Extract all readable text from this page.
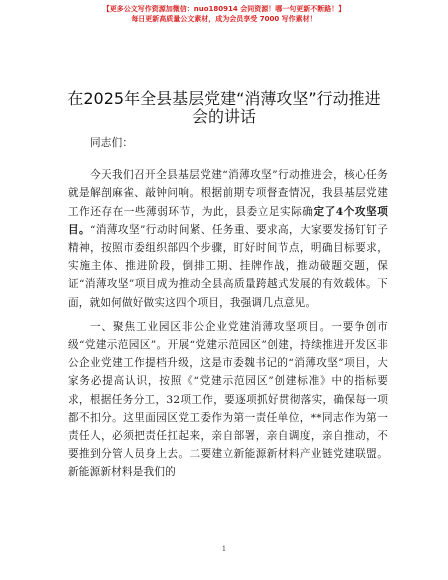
【更多公文写作资源加微信：nuo180914 会同资源！哪一句更新不断路！】
每日更新高质量公文素材，成为会员享受 7000 写作素材！
在2025年全县基层党建“消薄攻坚”行动推进
会的讲话

同志们：

今天我们召开全县基层党建“消薄攻坚”行动推进会，核心任务就是解剖麻雀、敲钟问响。根据前期专项督查情况，我县基层党建工作还存在一些薄弱环节，为此，县委立足实际确定了4个攻坚项目。“消薄攻坚”行动时间紧、任务重、要求高，大家要发扬钉钉子精神，按照市委组织部四个步骤，盯好时间节点，明确目标要求，实施主体、推进阶段，倒排工期、挂牌作战，推动破题交题，保证“消薄攻坚”项目成为推动全县高质量跨越式发展的有效载体。下面，就如何做好做实这四个项目，我强调几点意见。

一、聚焦工业园区非公企业党建消薄攻坚项目。一要争创市级“党建示范园区”。开展“党建示范园区”创建，持续推进开发区非公企业党建工作提档升级，这是市委魏书记的“消薄攻坚”项目，大家务必提高认识，按照《“党建示范园区”创建标准》中的指标要求，根据任务分工，32项工作，要逐项抓好贯彻落实，确保每一项都不扣分。这里面园区党工委作为第一责任单位，**同志作为第一责任人，必须把责任扛起来，亲自部署，亲自调度，亲自推动，不要推到分管人员身上去。二要建立新能源新材料产业链党建联盟。新能源新材料是我们的

1
